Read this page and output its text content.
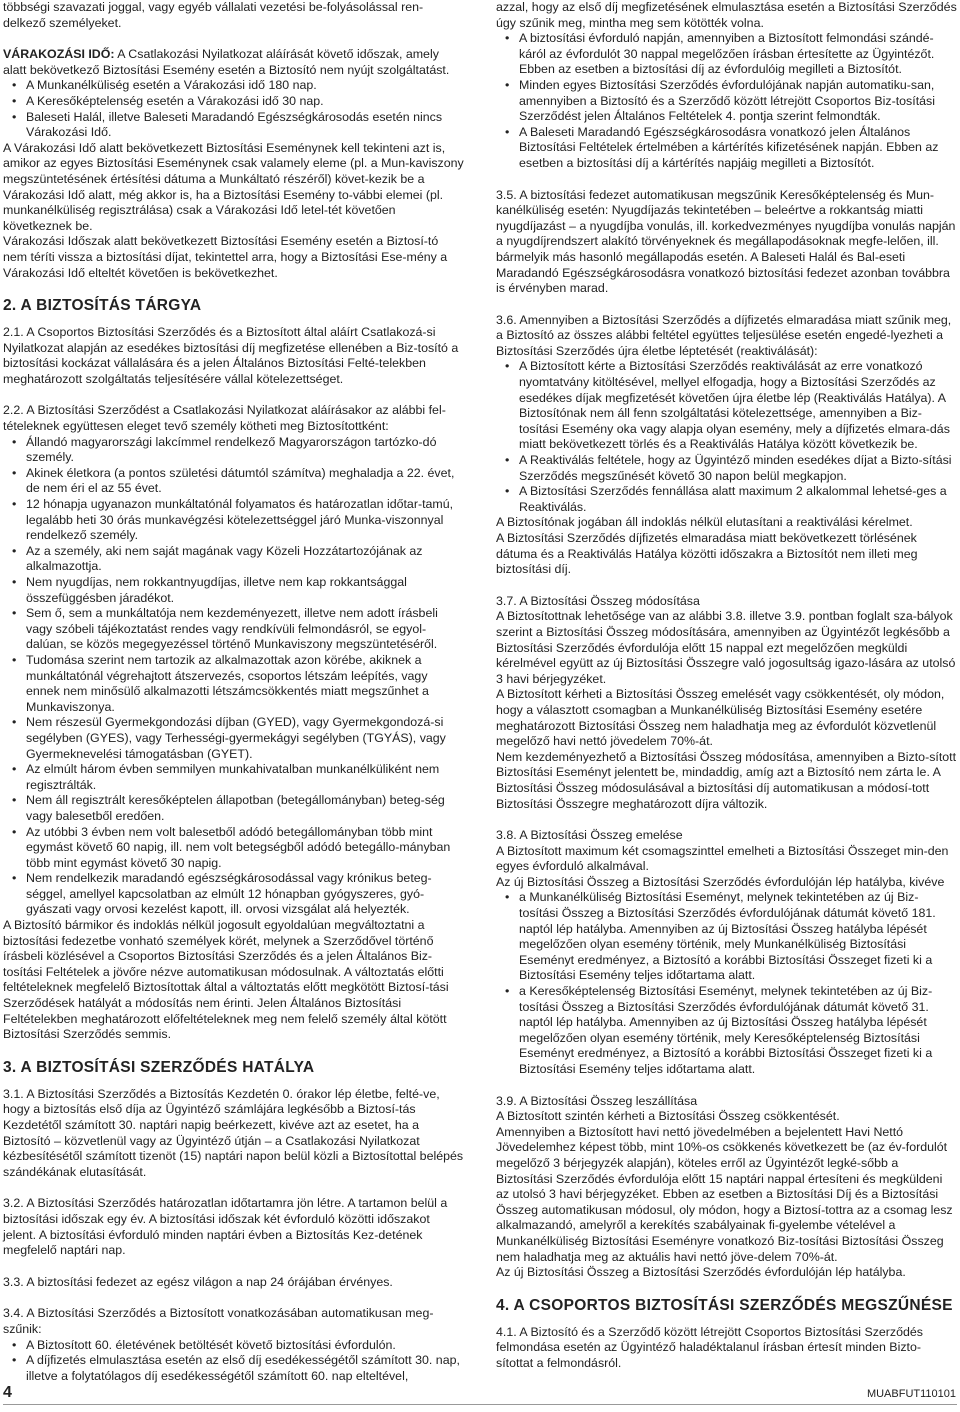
többségi szavazati joggal, vagy egyéb vállalati vezetési be-folyásolással ren-delkező személyeket.

VÁRAKOZÁSI IDŐ: A Csatlakozási Nyilatkozat aláírását követő időszak, amely alatt bekövetkező Biztosítási Esemény esetén a Biztosító nem nyújt szolgáltatást.

• A Munkanélküliség esetén a Várakozási idő 180 nap.
• A Keresőképtelenség esetén a Várakozási idő 30 nap.
• Baleseti Halál, illetve Baleseti Maradandó Egészségkárosodás esetén nincs Várakozási Idő.

A Várakozási Idő alatt bekövetkezett Biztosítási Eseménynek kell tekinteni azt is, amikor az egyes Biztosítási Eseménynek csak valamely eleme (pl. a Mun-kaviszony megszüntetésének értésítési dátuma a Munkáltató részéről) követ-kezik be a Várakozási Idő alatt, még akkor is, ha a Biztosítási Esemény to-vábbi elemei (pl. munkanélküliség regisztrálása) csak a Várakozási Idő letel-tét követően következnek be.

Várakozási Időszak alatt bekövetkezett Biztosítási Esemény esetén a Biztosí-tó nem téríti vissza a biztosítási díjat, tekintettel arra, hogy a Biztosítási Ese-mény a Várakozási Idő elteltét követően is bekövetkezhet.

2. A BIZTOSÍTÁS TÁRGYA

2.1. A Csoportos Biztosítási Szerződés és a Biztosított által aláírt Csatlakozá-si Nyilatkozat alapján az esedékes biztosítási díj megfizetése ellenében a Biz-tosító a biztosítási kockázat vállalására és a jelen Általános Biztosítási Felté-telekben meghatározott szolgáltatás teljesítésére vállal kötelezettséget.

2.2. A Biztosítási Szerződést a Csatlakozási Nyilatkozat aláírásakor az alábbi fel-tételeknek együttesen eleget tevő személy kötheti meg Biztosítottként:

• Állandó magyarországi lakcímmel rendelkező Magyarországon tartózko-dó személy.
• Akinek életkora (a pontos születési dátumtól számítva) meghaladja a 22. évet, de nem éri el az 55 évet.
• 12 hónapja ugyanazon munkáltatónál folyamatos és határozatlan időtar-tamú, legalább heti 30 órás munkavégzési kötelezettséggel járó Munka-viszonnyal rendelkező személy.
• Az a személy, aki nem saját magának vagy Közeli Hozzátartozójának az alkalmazottja.
• Nem nyugdíjas, nem rokkantnyugdíjas, illetve nem kap rokkantsággal összefüggésben járadékot.
• Sem ő, sem a munkáltatója nem kezdeményezett, illetve nem adott írásbeli vagy szóbeli tájékoztatást rendes vagy rendkívüli felmondásról, se egyol-dalúan, se közös megegyezéssel történő Munkaviszony megszüntetéséről.
• Tudomása szerint nem tartozik az alkalmazottak azon körébe, akiknek a munkáltatónál végrehajtott átszervezés, csoportos létszám leépítés, vagy ennek nem minősülő alkalmazotti létszámcsökkentés miatt megszűnhet a Munkaviszonya.
• Nem részesül Gyermekgondozási díjban (GYED), vagy Gyermekgondozá-si segélyben (GYES), vagy Terhességi-gyermekágyi segélyben (TGYÁS), vagy Gyermeknevelési támogatásban (GYET).
• Az elmúlt három évben semmilyen munkahivatalban munkanélküliként nem regisztrálták.
• Nem áll regisztrált keresőképtelen állapotban (betegállományban) beteg-ség vagy balesetből eredően.
• Az utóbbi 3 évben nem volt balesetből adódó betegállományban több mint egymást követő 60 napig, ill. nem volt betegségből adódó betegállo-mányban több mint egymást követő 30 napig.
• Nem rendelkezik maradandó egészségkárosodással vagy krónikus beteg-séggel, amellyel kapcsolatban az elmúlt 12 hónapban gyógyszeres, gyó-gyászati vagy orvosi kezelést kapott, ill. orvosi vizsgálat alá helyezték.

A Biztosító bármikor és indoklás nélkül jogosult egyoldalúan megváltoztatni a biztosítási fedezetbe vonható személyek körét, melynek a Szerződővel történő írásbeli közlésével a Csoportos Biztosítási Szerződés és a jelen Általános Biz-tosítási Feltételek a jövőre nézve automatikusan módosulnak. A változtatás előtti feltételeknek megfelelő Biztosítottak által a változtatás előtt megkötött Biztosí-tási Szerződések hatályát a módosítás nem érinti. Jelen Általános Biztosítási Feltételekben meghatározott előfeltételeknek meg nem felelő személy által kötött Biztosítási Szerződés semmis.

3. A BIZTOSÍTÁSI SZERZŐDÉS HATÁLYA

3.1. A Biztosítási Szerződés a Biztosítás Kezdetén 0. órakor lép életbe, felté-ve, hogy a biztosítás első díja az Ügyintéző számlájára legkésőbb a Biztosí-tás Kezdetétől számított 30. naptári napig beérkezett, kivéve azt az esetet, ha a Biztosító – közvetlenül vagy az Ügyintéző útján – a Csatlakozási Nyilatkozat kézbesítésétől számított tizenöt (15) naptári napon belül közli a Biztosítottal belépés szándékának elutasítását.

3.2. A Biztosítási Szerződés határozatlan időtartamra jön létre. A tartamon belül a biztosítási időszak egy év. A biztosítási időszak két évforduló közötti időszakot jelent. A biztosítási évforduló minden naptári évben a Biztosítás Kez-detének megfelelő naptári nap.

3.3. A biztosítási fedezet az egész világon a nap 24 órájában érvényes.

3.4. A Biztosítási Szerződés a Biztosított vonatkozásában automatikusan meg-szűnik:

• A Biztosított 60. életévének betöltését követő biztosítási évfordulón.
• A díjfizetés elmulasztása esetén az első díj esedékességétől számított 30. nap, illetve a folytatólagos díj esedékességétől számított 60. nap elteltével,

azzal, hogy az első díj megfizetésének elmulasztása esetén a Biztosítási Szerződés úgy szűnik meg, mintha meg sem kötötték volna.

• A biztosítási évforduló napján, amennyiben a Biztosított felmondási szándé-káról az évfordulót 30 nappal megelőzően írásban értesítette az Ügyintézőt. Ebben az esetben a biztosítási díj az évfordulóig megilleti a Biztosítót.
• Minden egyes Biztosítási Szerződés évfordulójának napján automatiku-san, amennyiben a Biztosító és a Szerződő között létrejött Csoportos Biz-tosítási Szerződést jelen Általános Feltételek 4. pontja szerint felmondták.
• A Baleseti Maradandó Egészségkárosodásra vonatkozó jelen Általános Biztosítási Feltételek értelmében a kártérítés kifizetésének napján. Ebben az esetben a biztosítási díj a kártérítés napjáig megilleti a Biztosítót.

3.5. A biztosítási fedezet automatikusan megszűnik Keresőképtelenség és Mun-kanélküliség esetén: Nyugdíjazás tekintetében – beleértve a rokkantság miatti nyugdíjazást – a nyugdíjba vonulás, ill. korkedvezményes nyugdíjba vonulás napján a nyugdíjrendszert alakító törvényeknek és megállapodásoknak megfe-lelően, ill. bármelyik más hasonló megállapodás esetén. A Baleseti Halál és Bal-eseti Maradandó Egészségkárosodásra vonatkozó biztosítási fedezet azonban továbbra is érvényben marad.

3.6. Amennyiben a Biztosítási Szerződés a díjfizetés elmaradása miatt szűnik meg, a Biztosító az összes alábbi feltétel együttes teljesülése esetén engedé-lyezheti a Biztosítási Szerződés újra életbe léptetését (reaktiválását):

• A Biztosított kérte a Biztosítási Szerződés reaktiválását az erre vonatkozó nyomtatvány kitöltésével, mellyel elfogadja, hogy a Biztosítási Szerződés az esedékes díjak megfizetését követően újra életbe lép (Reaktiválás Hatálya). A Biztosítónak nem áll fenn szolgáltatási kötelezettsége, amennyiben a Biz-tosítási Esemény oka vagy alapja olyan esemény, mely a díjfizetés elmara-dás miatt bekövetkezett törlés és a Reaktiválás Hatálya között következik be.
• A Reaktiválás feltétele, hogy az Ügyintéző minden esedékes díjat a Bizto-sítási Szerződés megszűnését követő 30 napon belül megkapjon.
• A Biztosítási Szerződés fennállása alatt maximum 2 alkalommal lehetsé-ges a Reaktiválás.

A Biztosítónak jogában áll indoklás nélkül elutasítani a reaktiválási kérelmet.

A Biztosítási Szerződés díjfizetés elmaradása miatt bekövetkezett törlésének dátuma és a Reaktiválás Hatálya közötti időszakra a Biztosítót nem illeti meg biztosítási díj.

3.7. A Biztosítási Összeg módosítása

A Biztosítottnak lehetősége van az alábbi 3.8. illetve 3.9. pontban foglalt sza-bályok szerint a Biztosítási Összeg módosítására, amennyiben az Ügyintézőt legkésőbb a Biztosítási Szerződés évfordulója előtt 15 nappal ezt megelőzően megküldi kérelmével együtt az új Biztosítási Összegre való jogosultság igazo-lására az utolsó 3 havi bérjegyzéket.

A Biztosított kérheti a Biztosítási Összeg emelését vagy csökkentését, oly módon, hogy a választott csomagban a Munkanélküliség Biztosítási Esemény esetére meghatározott Biztosítási Összeg nem haladhatja meg az évfordulót közvetlenül megelőző havi nettó jövedelem 70%-át.

Nem kezdeményezhető a Biztosítási Összeg módosítása, amennyiben a Bizto-sított Biztosítási Eseményt jelentett be, mindaddig, amíg azt a Biztosító nem zárta le. A Biztosítási Összeg módosulásával a biztosítási díj automatikusan a módosí-tott Biztosítási Összegre meghatározott díjra változik.

3.8. A Biztosítási Összeg emelése

A Biztosított maximum két csomagszinttel emelheti a Biztosítási Összeget min-den egyes évforduló alkalmával.

Az új Biztosítási Összeg a Biztosítási Szerződés évfordulóján lép hatályba, kivéve

• a Munkanélküliség Biztosítási Eseményt, melynek tekintetében az új Biz-tosítási Összeg a Biztosítási Szerződés évfordulójának dátumát követő 181. naptól lép hatályba. Amennyiben az új Biztosítási Összeg hatályba lépését megelőzően olyan esemény történik, mely Munkanélküliség Biztosítási Eseményt eredményez, a Biztosító a korábbi Biztosítási Összeget fizeti ki a Biztosítási Esemény teljes időtartama alatt.
• a Keresőképtelenség Biztosítási Eseményt, melynek tekintetében az új Biz-tosítási Összeg a Biztosítási Szerződés évfordulójának dátumát követő 31. naptól lép hatályba. Amennyiben az új Biztosítási Összeg hatályba lépését megelőzően olyan esemény történik, mely Keresőképtelenség Biztosítási Eseményt eredményez, a Biztosító a korábbi Biztosítási Összeget fizeti ki a Biztosítási Esemény teljes időtartama alatt.

3.9. A Biztosítási Összeg leszállítása

A Biztosított szintén kérheti a Biztosítási Összeg csökkentését.

Amennyiben a Biztosított havi nettó jövedelmében a bejelentett Havi Nettó Jövedelemhez képest több, mint 10%-os csökkenés következett be (az év-fordulót megelőző 3 bérjegyzék alapján), köteles erről az Ügyintézőt legké-sőbb a Biztosítási Szerződés évfordulója előtt 15 naptári nappal értesíteni és megküldeni az utolsó 3 havi bérjegyzéket. Ebben az esetben a Biztosítási Díj és a Biztosítási Összeg automatikusan módosul, oly módon, hogy a Biztosí-tottra az a csomag lesz alkalmazandó, amelyről a kerekítés szabályainak fi-gyelembe vételével a Munkanélküliség Biztosítási Eseményre vonatkozó Biz-tosítási Biztosítási Összeg nem haladhatja meg az aktuális havi nettó jöve-delem 70%-át.

Az új Biztosítási Összeg a Biztosítási Szerződés évfordulóján lép hatályba.

4. A CSOPORTOS BIZTOSÍTÁSI SZERZŐDÉS MEGSZŰNÉSE

4.1. A Biztosító és a Szerződő között létrejött Csoportos Biztosítási Szerződés felmondása esetén az Ügyintéző haladéktalanul írásban értesít minden Bizto-sítottat a felmondásról.

4	MUABFUT110101
